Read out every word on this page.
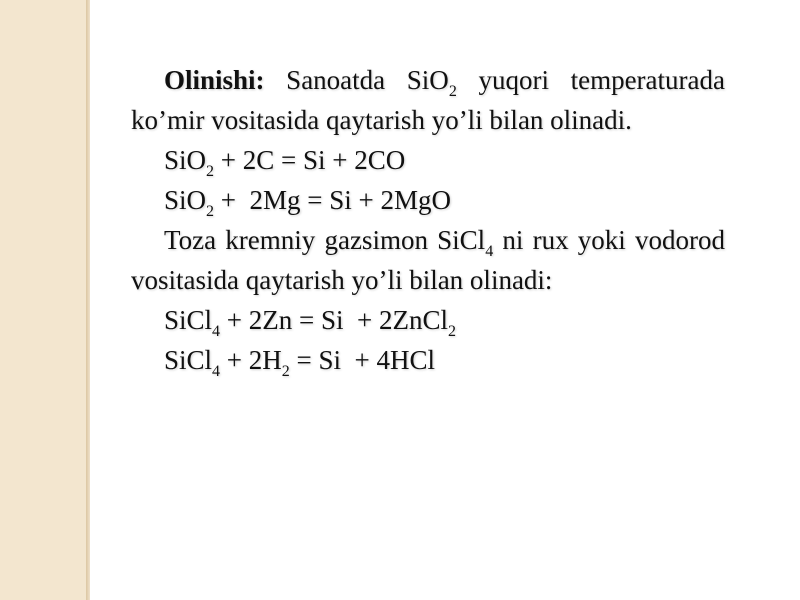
Olinishi: Sanoatda SiO$_2$ yuqori temperaturada ko’mir vositasida qaytarish yo’li bilan olinadi.

SiO$_2$ + 2C = Si + 2CO

SiO$_2$ +  2Mg = Si + 2MgO

Toza kremniy gazsimon SiCl$_4$ ni rux yoki vodorod vositasida qaytarish yo’li bilan olinadi:

SiCl$_4$ + 2Zn = Si  + 2ZnCl$_2$

SiCl$_4$ + $2H_2 = Si + 4HCl$
